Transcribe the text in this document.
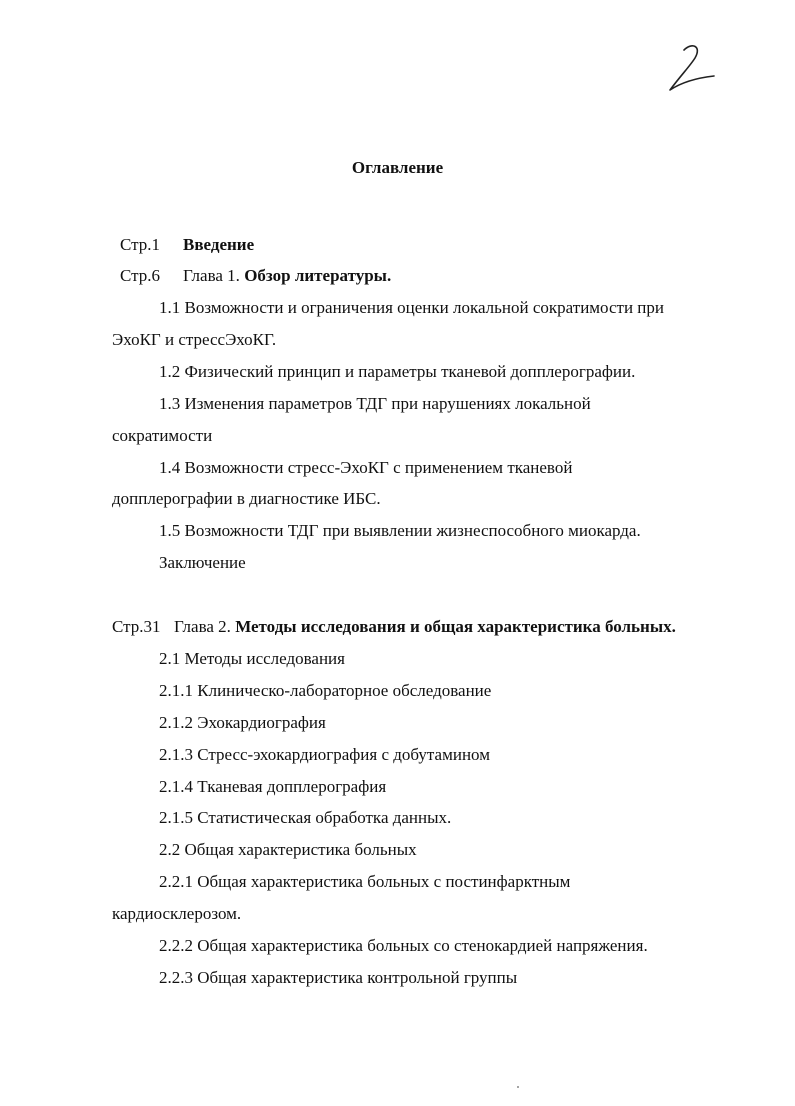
Оглавление
Стр.1 Введение
Стр.6 Глава 1. Обзор литературы.
1.1 Возможности и ограничения оценки локальной сократимости при
ЭхоКГ и стрессЭхоКГ.
1.2 Физический принцип и параметры тканевой допплерографии.
1.3 Изменения параметров ТДГ при нарушениях локальной
сократимости
1.4 Возможности стресс-ЭхоКГ с применением тканевой
допплерографии в диагностике ИБС.
1.5 Возможности ТДГ при выявлении жизнеспособного миокарда.
Заключение
Стр.31 Глава 2. Методы исследования и общая характеристика больных.
2.1 Методы исследования
2.1.1 Клиническо-лабораторное обследование
2.1.2 Эхокардиография
2.1.3 Стресс-эхокардиография с добутамином
2.1.4 Тканевая допплерография
2.1.5 Статистическая обработка данных.
2.2 Общая характеристика больных
2.2.1 Общая характеристика больных с постинфарктным
кардиосклерозом.
2.2.2 Общая характеристика больных со стенокардией напряжения.
2.2.3 Общая характеристика контрольной группы
